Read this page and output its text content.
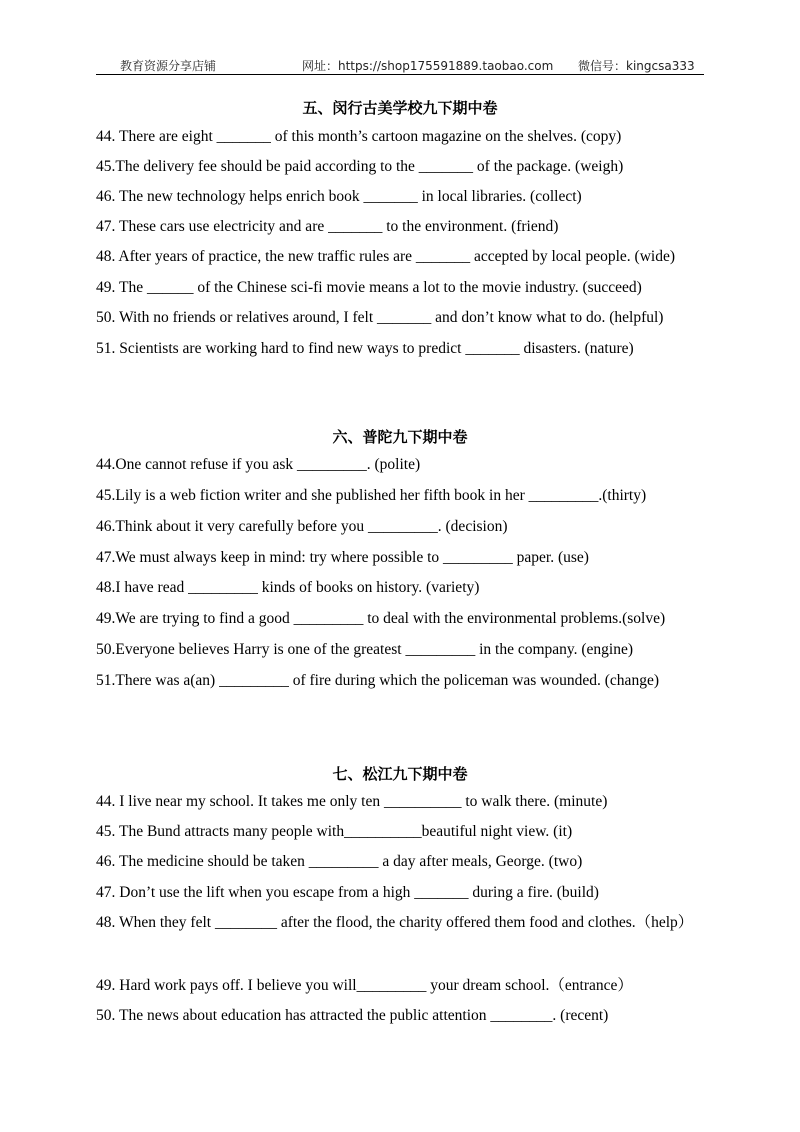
教育资源分享店铺	网址：https://shop175591889.taobao.com 微信号：kingcsa333
五、闵行古美学校九下期中卷
44. There are eight _______ of this month’s cartoon magazine on the shelves. (copy)
45.The delivery fee should be paid according to the _______ of the package. (weigh)
46. The new technology helps enrich book _______ in local libraries. (collect)
47. These cars use electricity and are _______ to the environment. (friend)
48. After years of practice, the new traffic rules are _______ accepted by local people. (wide)
49. The ______ of the Chinese sci-fi movie means a lot to the movie industry. (succeed)
50. With no friends or relatives around, I felt _______ and don’t know what to do. (helpful)
51. Scientists are working hard to find new ways to predict _______ disasters. (nature)
六、普陀九下期中卷
44.One cannot refuse if you ask _________. (polite)
45.Lily is a web fiction writer and she published her fifth book in her _________.(thirty)
46.Think about it very carefully before you _________. (decision)
47.We must always keep in mind: try where possible to _________ paper. (use)
48.I have read _________ kinds of books on history. (variety)
49.We are trying to find a good _________ to deal with the environmental problems.(solve)
50.Everyone believes Harry is one of the greatest _________ in the company. (engine)
51.There was a(an) _________ of fire during which the policeman was wounded. (change)
七、松江九下期中卷
44. I live near my school. It takes me only ten __________ to walk there. (minute)
45. The Bund attracts many people with__________beautiful night view. (it)
46. The medicine should be taken _________ a day after meals, George. (two)
47. Don’t use the lift when you escape from a high _______ during a fire. (build)
48. When they felt ________ after the flood, the charity offered them food and clothes.（help）
49. Hard work pays off. I believe you will_________ your dream school.（entrance）
50. The news about education has attracted the public attention ________. (recent)
